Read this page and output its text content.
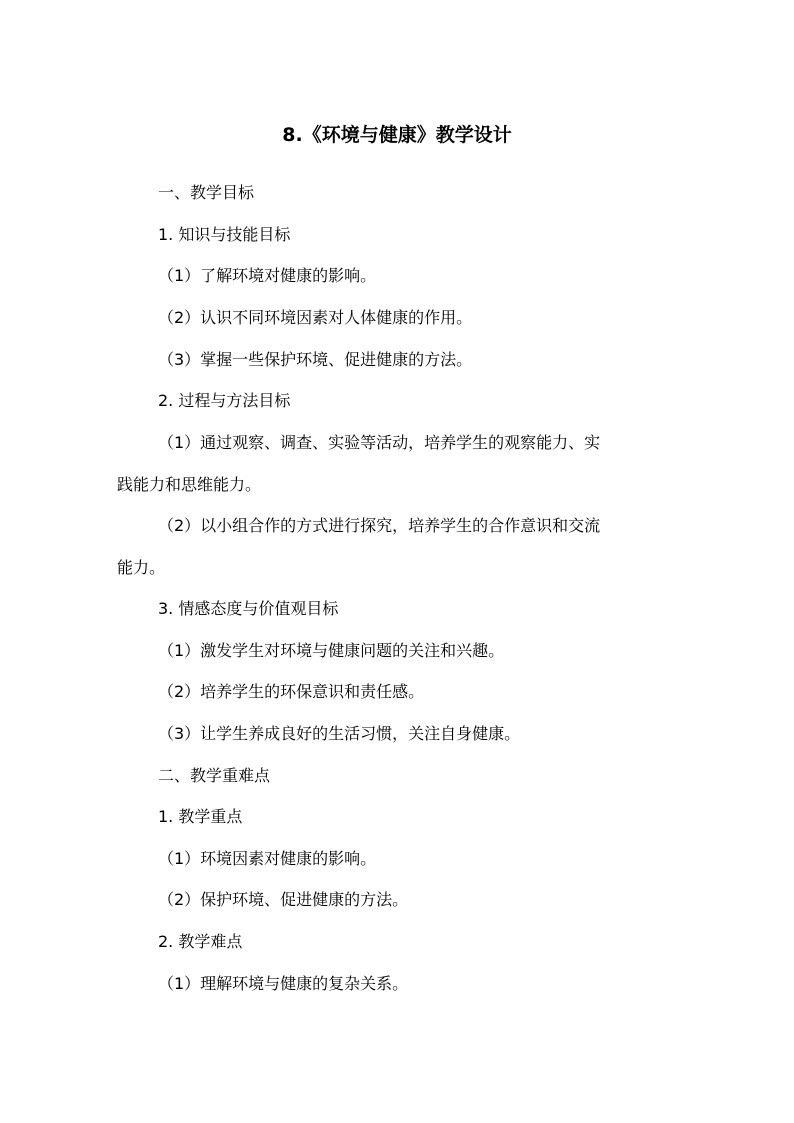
8.《环境与健康》教学设计
一、教学目标
1. 知识与技能目标
（1）了解环境对健康的影响。
（2）认识不同环境因素对人体健康的作用。
（3）掌握一些保护环境、促进健康的方法。
2. 过程与方法目标
（1）通过观察、调查、实验等活动，培养学生的观察能力、实
践能力和思维能力。
（2）以小组合作的方式进行探究，培养学生的合作意识和交流
能力。
3. 情感态度与价值观目标
（1）激发学生对环境与健康问题的关注和兴趣。
（2）培养学生的环保意识和责任感。
（3）让学生养成良好的生活习惯，关注自身健康。
二、教学重难点
1. 教学重点
（1）环境因素对健康的影响。
（2）保护环境、促进健康的方法。
2. 教学难点
（1）理解环境与健康的复杂关系。
